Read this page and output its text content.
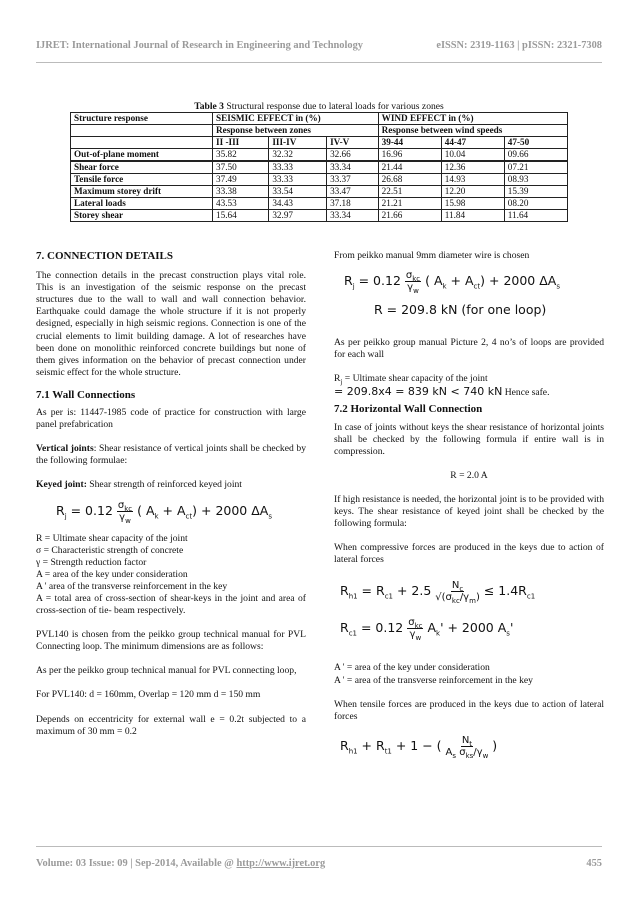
IJRET: International Journal of Research in Engineering and Technology	eISSN: 2319-1163 | pISSN: 2321-7308
Table 3 Structural response due to lateral loads for various zones
Structure response	SEISMIC EFFECT in (%)			WIND EFFECT in (%)		
	Response between zones			Response between wind speeds		
	II -III	III-IV	IV-V	39-44	44-47	47-50
Out-of-plane moment	35.82	32.32	32.66	16.96	10.04	09.66
Shear force	37.50	33.33	33.34	21.44	12.36	07.21
Tensile force	37.49	33.33	33.37	26.68	14.93	08.93
Maximum storey drift	33.38	33.54	33.47	22.51	12.20	15.39
Lateral loads	43.53	34.43	37.18	21.21	15.98	08.20
Storey shear	15.64	32.97	33.34	21.66	11.84	11.64

7. CONNECTION DETAILS

The connection details in the precast construction plays vital role. This is an investigation of the seismic response on the precast structures due to the wall to wall and wall connection behavior. Earthquake could damage the whole structure if it is not properly designed, especially in high seismic regions. Connection is one of the crucial elements to limit building damage. A lot of researches have been done on monolithic reinforced concrete buildings but none of them gives information on the behavior of precast connection under seismic effect for the whole structure.

7.1 Wall Connections

As per is: 11447-1985 code of practice for construction with large panel prefabrication

Vertical joints: Shear resistance of vertical joints shall be checked by the following formulae:

Keyed joint: Shear strength of reinforced keyed joint

$R_j = 0.12 \frac{\sigma_{kc}}{\gamma_w}$ ( $A_k + A_{ct}) + 2000$ $\Delta A_s$

R = Ultimate shear capacity of the joint

σ = Characteristic strength of concrete

γ = Strength reduction factor

A = area of the key under consideration

A ' area of the transverse reinforcement in the key

A = total area of cross-section of shear-keys in the joint and area of cross-section of tie- beam respectively.

PVL140 is chosen from the peikko group technical manual for PVL Connecting loop. The minimum dimensions are as follows:

As per the peikko group technical manual for PVL connecting loop,

For PVL140: d = 160mm, Overlap = 120 mm d = 150 mm

Depends on eccentricity for external wall e = 0.2t subjected to a maximum of 30 mm = 0.2

From peikko manual 9mm diameter wire is chosen

$R_j = 0.12 \frac{\sigma_{kc}}{\gamma_w}$ ( $A_k + A_{ct}) + 2000$ $\Delta A_s$
R = 209.8 kN (for one loop)

As per peikko group manual Picture 2, 4 no’s of loops are provided for each wall

$R_j$ = Ultimate shear capacity of the joint

= 209.8x4 = 839 kN < 740 kN Hence safe.

7.2 Horizontal Wall Connection

In case of joints without keys the shear resistance of horizontal joints shall be checked by the following formula if entire wall is in compression.

R = 2.0 A

If high resistance is needed, the horizontal joint is to be provided with keys. The shear resistance of keyed joint shall be checked by the following formula:

When compressive forces are produced in the keys due to action of lateral forces

$R_{h1} = R_{c1} + 2.5 \frac{N_c}{√(\sigma_{kc}/\gamma_m)} \le 1.4R_{c1}$
$R_{c1} = 0.12 \frac{\sigma_{kc}}{\gamma_w} A_k' + 2000$ $A_s'$

A ' = area of the key under consideration

A ' = area of the transverse reinforcement in the key

When tensile forces are produced in the keys due to action of lateral forces

$R_{h1} + R_{t1} + 1$ − ( $\frac{N_t}{A_s \sigma_{ks}/\gamma_w}$ )
Volume: 03 Issue: 09 | Sep-2014, Available @ http://www.ijret.org	455
